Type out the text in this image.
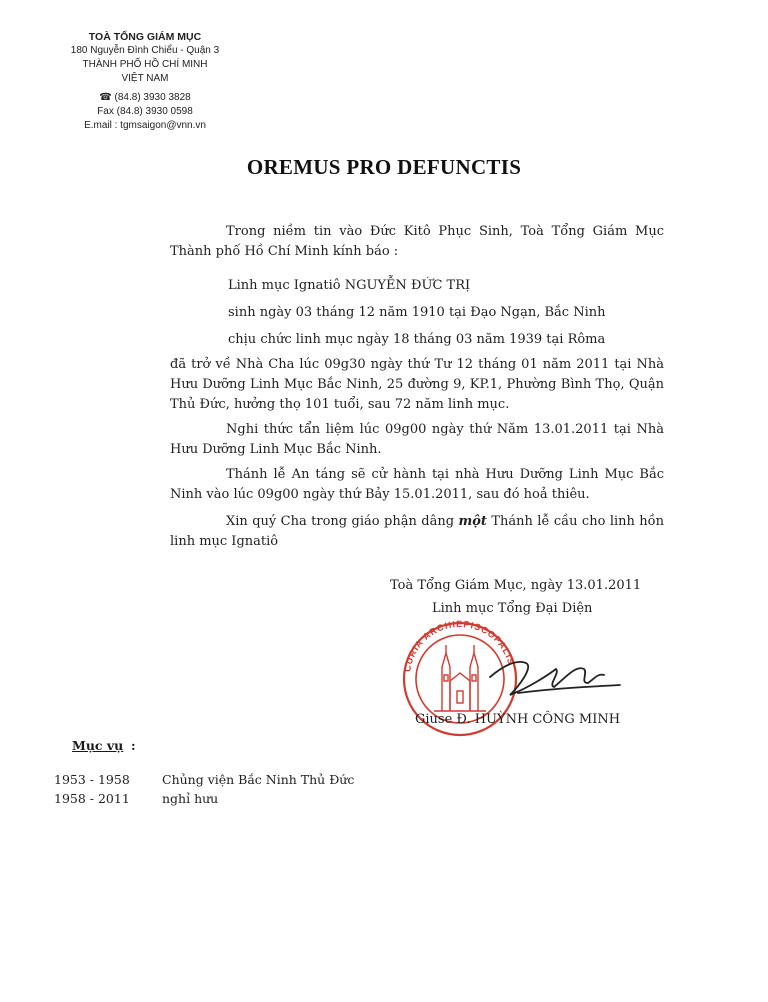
TOÀ TỔNG GIÁM MỤC
180 Nguyễn Đình Chiểu - Quận 3
THÀNH PHỐ HỒ CHÍ MINH
VIỆT NAM
☎ (84.8) 3930 3828
Fax (84.8) 3930 0598
E.mail : tgmsaigon@vnn.vn
OREMUS PRO DEFUNCTIS
Trong niềm tin vào Đức Kitô Phục Sinh, Toà Tổng Giám Mục Thành phố Hồ Chí Minh kính báo :
Linh mục Ignatiô NGUYỄN ĐỨC TRỊ
sinh ngày 03 tháng 12 năm 1910 tại Đạo Ngạn, Bắc Ninh
chịu chức linh mục ngày 18 tháng 03 năm 1939 tại Rôma
đã trở về Nhà Cha lúc 09g30 ngày thứ Tư 12 tháng 01 năm 2011 tại Nhà Hưu Dưỡng Linh Mục Bắc Ninh, 25 đường 9, KP.1, Phường Bình Thọ, Quận Thủ Đức, hưởng thọ 101 tuổi, sau 72 năm linh mục.
Nghi thức tẩn liệm lúc 09g00 ngày thứ Năm 13.01.2011 tại Nhà Hưu Dưỡng Linh Mục Bắc Ninh.
Thánh lễ An táng sẽ cử hành tại nhà Hưu Dưỡng Linh Mục Bắc Ninh vào lúc 09g00 ngày thứ Bảy 15.01.2011, sau đó hoả thiêu.
Xin quý Cha trong giáo phận dâng một Thánh lễ cầu cho linh hồn linh mục Ignatiô
Toà Tổng Giám Mục, ngày 13.01.2011
Linh mục Tổng Đại Diện
CURIA ARCHIEPISCOPALIS
Giuse Đ. HUỲNH CÔNG MINH
Mục vụ :
1953 - 1958	Chủng viện Bắc Ninh Thủ Đức
1958 - 2011	nghỉ hưu
